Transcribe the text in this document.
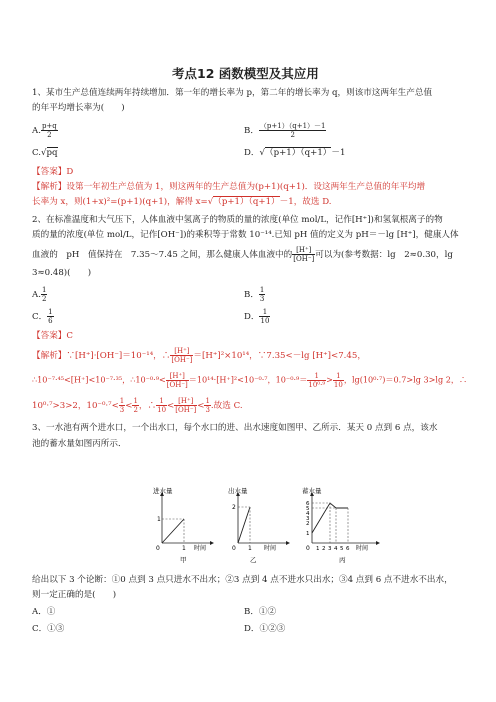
考点12 函数模型及其应用
1、某市生产总值连续两年持续增加．第一年的增长率为 p，第二年的增长率为 q，则该市这两年生产总值
的年平均增长率为(　　)
A. $\frac{p+q}{2}$	B． $\frac{(p+1)(q+1)-1}{2}$
C.√pq	D．√（p+1）（q+1）－1
【答案】D
【解析】设第一年初生产总值为 1，则这两年的生产总值为(p+1)(q+1)．设这两年生产总值的年平均增
长率为 x，则(1+x)²=(p+1)(q+1)，解得 x=√（p+1）（q+1）－1，故选 D.
2、在标准温度和大气压下，人体血液中氢离子的物质的量的浓度(单位 mol/L，记作[H⁺])和氢氧根离子的物
质的量的浓度(单位 mol/L，记作[OH⁻])的乘积等于常数 10⁻¹⁴.已知 pH 值的定义为 pH＝－lg [H⁺]，健康人体
血液的　pH　值保持在　7.35～7.45 之间，那么健康人体血液中的 $\frac{[H^+]}{[OH^-]}$ 可以为(参考数据：lg　2≈0.30，lg
3≈0.48)(　　)
A. $\frac{1}{2}$	B． $\frac{1}{3}$
C． $\frac{1}{6}$	D． $\frac{1}{10}$
【答案】C
【解析】∵[H⁺]·[OH⁻]＝10⁻¹⁴，∴ $\frac{[H^+]}{[OH^-]} =[H^+]^2\times 10^{14}$，∵7.35<－lg [H⁺]<7.45，
∴10⁻⁷·⁴⁵<[H⁺]<10⁻⁷·³⁵，∴10⁻⁰·⁹< $\frac{[H^+]}{[OH^-]} =10^{14}\cdot[H^+]^2<10^{-0}\cdot^7$，$10^{-0}\cdot^9= \frac{1}{\text{10⁰·⁹}} > \frac{1}{10}$ ，lg(10⁰·⁷)＝0.7>lg 3>lg 2，∴
10⁰·⁷>3>2，$10^{-0}\cdot^7< \frac{1}{3} < \frac{1}{2}$ ，∴ $\frac{1}{10} < \frac{[H^+]}{[OH^-]} < \frac{1}{3}$ .故选 C.
3、一水池有两个进水口，一个出水口，每个水口的进、出水速度如图甲、乙所示．某天 0 点到 6 点，该水
池的蓄水量如图丙所示．
进水量
1
0	1 时间
甲
出水量
2
0 1 时间
乙
蓄水量
6
5
4
3
2
1
0 1 2 3 4 5 6 时间
丙
给出以下 3 个论断：①0 点到 3 点只进水不出水；②3 点到 4 点不进水只出水；③4 点到 6 点不进水不出水，
则一定正确的是(　　)
A．①	B．①②
C．①③	D．①②③
